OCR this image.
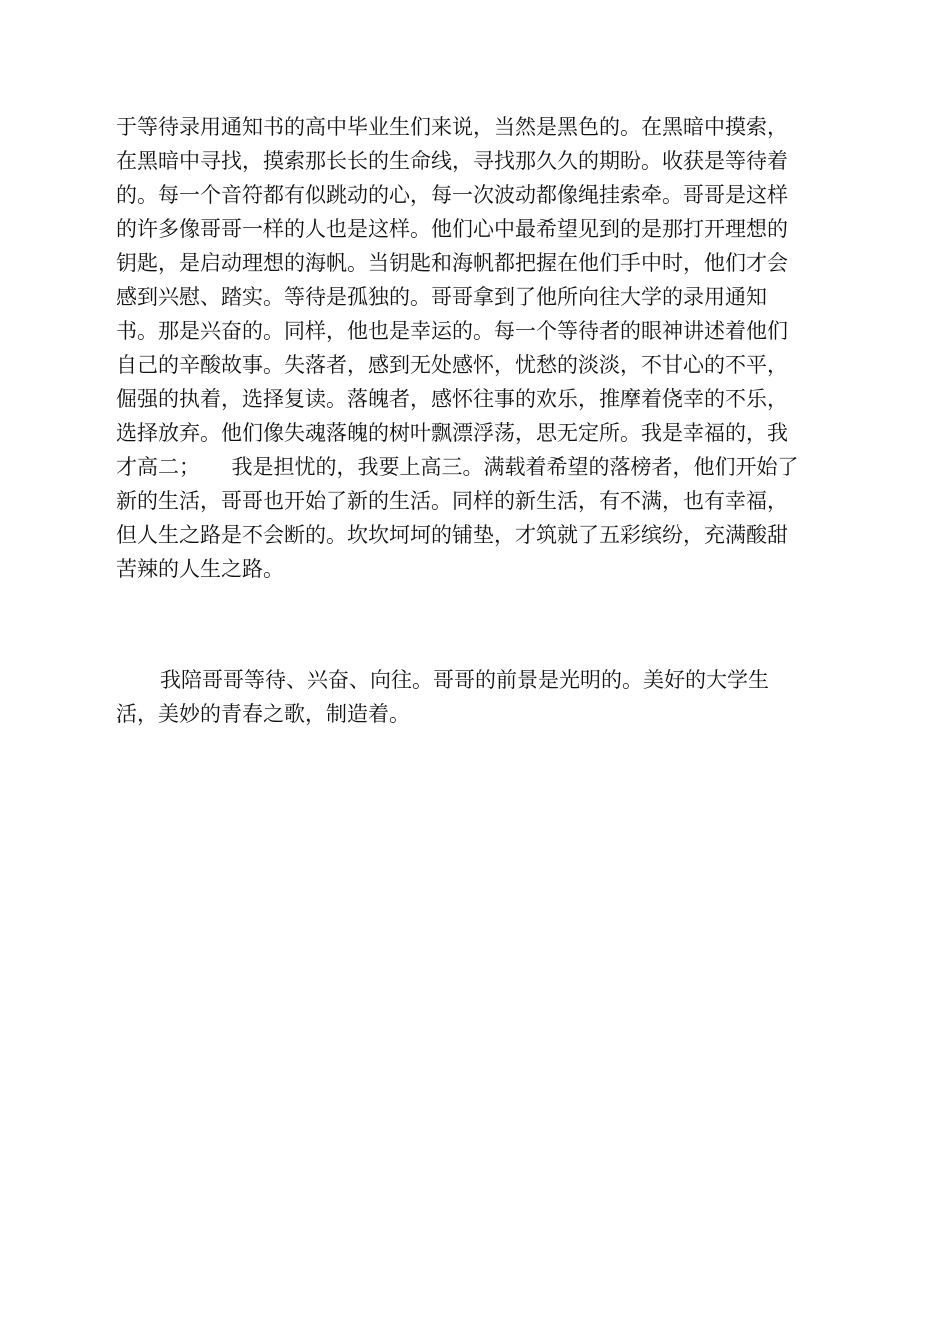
于等待录用通知书的高中毕业生们来说，当然是黑色的。在黑暗中摸索，
在黑暗中寻找，摸索那长长的生命线，寻找那久久的期盼。收获是等待着
的。每一个音符都有似跳动的心，每一次波动都像绳挂索牵。哥哥是这样
的许多像哥哥一样的人也是这样。他们心中最希望见到的是那打开理想的
钥匙，是启动理想的海帆。当钥匙和海帆都把握在他们手中时，他们才会
感到兴慰、踏实。等待是孤独的。哥哥拿到了他所向往大学的录用通知
书。那是兴奋的。同样，他也是幸运的。每一个等待者的眼神讲述着他们
自己的辛酸故事。失落者，感到无处感怀，忧愁的淡淡，不甘心的不平，
倔强的执着，选择复读。落魄者，感怀往事的欢乐，推摩着侥幸的不乐，
选择放弃。他们像失魂落魄的树叶飘漂浮荡，思无定所。我是幸福的，我
才高二；　　我是担忧的，我要上高三。满载着希望的落榜者，他们开始了
新的生活，哥哥也开始了新的生活。同样的新生活，有不满，也有幸福，
但人生之路是不会断的。坎坎坷坷的铺垫，才筑就了五彩缤纷，充满酸甜
苦辣的人生之路。
我陪哥哥等待、兴奋、向往。哥哥的前景是光明的。美好的大学生
活，美妙的青春之歌，制造着。
